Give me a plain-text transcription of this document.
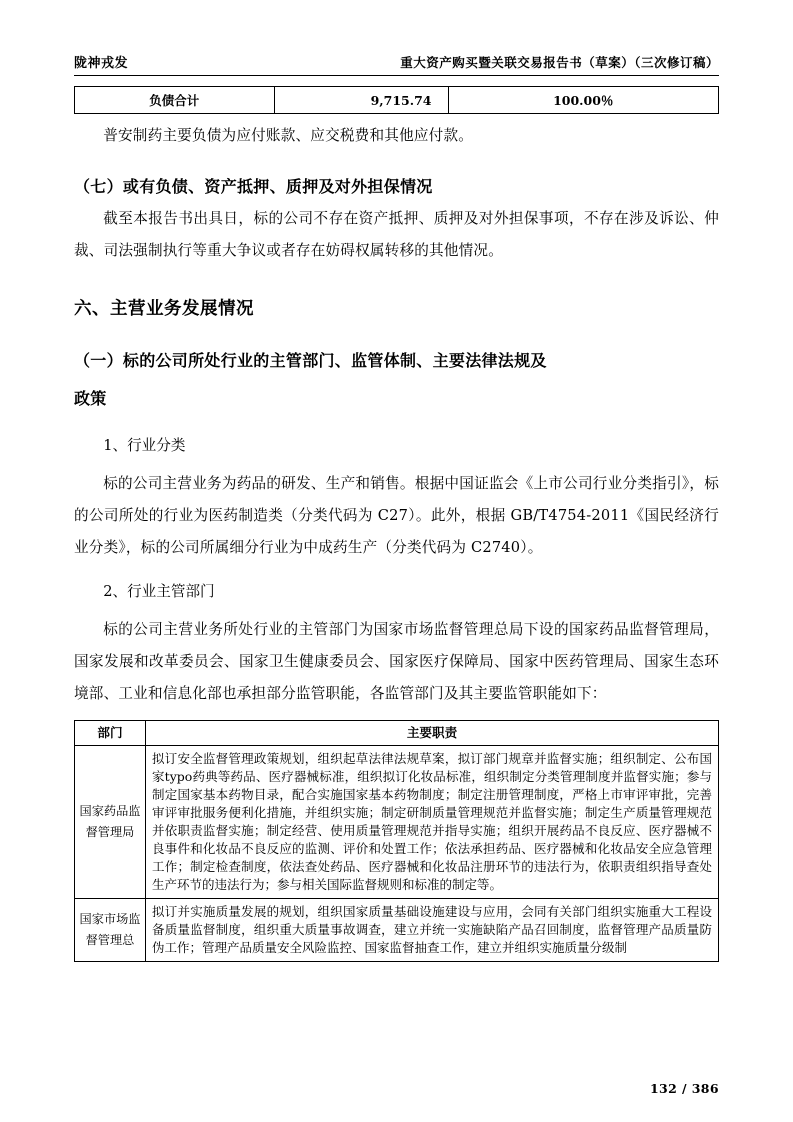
陇神戎发	重大资产购买暨关联交易报告书（草案）（三次修订稿）
负债合计	9,715.74	100.00％

普安制药主要负债为应付账款、应交税费和其他应付款。

（七）或有负债、资产抵押、质押及对外担保情况

截至本报告书出具日，标的公司不存在资产抵押、质押及对外担保事项，不存在涉及诉讼、仲裁、司法强制执行等重大争议或者存在妨碍权属转移的其他情况。

六、主营业务发展情况
（一）标的公司所处行业的主管部门、监管体制、主要法律法规及
政策

1、行业分类

标的公司主营业务为药品的研发、生产和销售。根据中国证监会《上市公司行业分类指引》，标的公司所处的行业为医药制造类（分类代码为 C27）。此外，根据 GB/T4754-2011《国民经济行业分类》，标的公司所属细分行业为中成药生产（分类代码为 C2740）。

2、行业主管部门

标的公司主营业务所处行业的主管部门为国家市场监督管理总局下设的国家药品监督管理局，国家发展和改革委员会、国家卫生健康委员会、国家医疗保障局、国家中医药管理局、国家生态环境部、工业和信息化部也承担部分监管职能，各监管部门及其主要监管职能如下：

部门	主要职责
国家药品监督管理局	拟订安全监督管理政策规划，组织起草法律法规草案，拟订部门规章并监督实施；组织制定、公布国家typo药典等药品、医疗器械标准，组织拟订化妆品标准，组织制定分类管理制度并监督实施；参与制定国家基本药物目录，配合实施国家基本药物制度；制定注册管理制度，严格上市审评审批，完善审评审批服务便利化措施，并组织实施；制定研制质量管理规范并监督实施；制定生产质量管理规范并依职责监督实施；制定经营、使用质量管理规范并指导实施；组织开展药品不良反应、医疗器械不良事件和化妆品不良反应的监测、评价和处置工作；依法承担药品、医疗器械和化妆品安全应急管理工作；制定检查制度，依法查处药品、医疗器械和化妆品注册环节的违法行为，依职责组织指导查处生产环节的违法行为；参与相关国际监督规则和标准的制定等。
国家市场监督管理总	拟订并实施质量发展的规划，组织国家质量基础设施建设与应用，会同有关部门组织实施重大工程设备质量监督制度，组织重大质量事故调查，建立并统一实施缺陷产品召回制度，监督管理产品质量防伪工作；管理产品质量安全风险监控、国家监督抽查工作，建立并组织实施质量分级制
132 / 386
